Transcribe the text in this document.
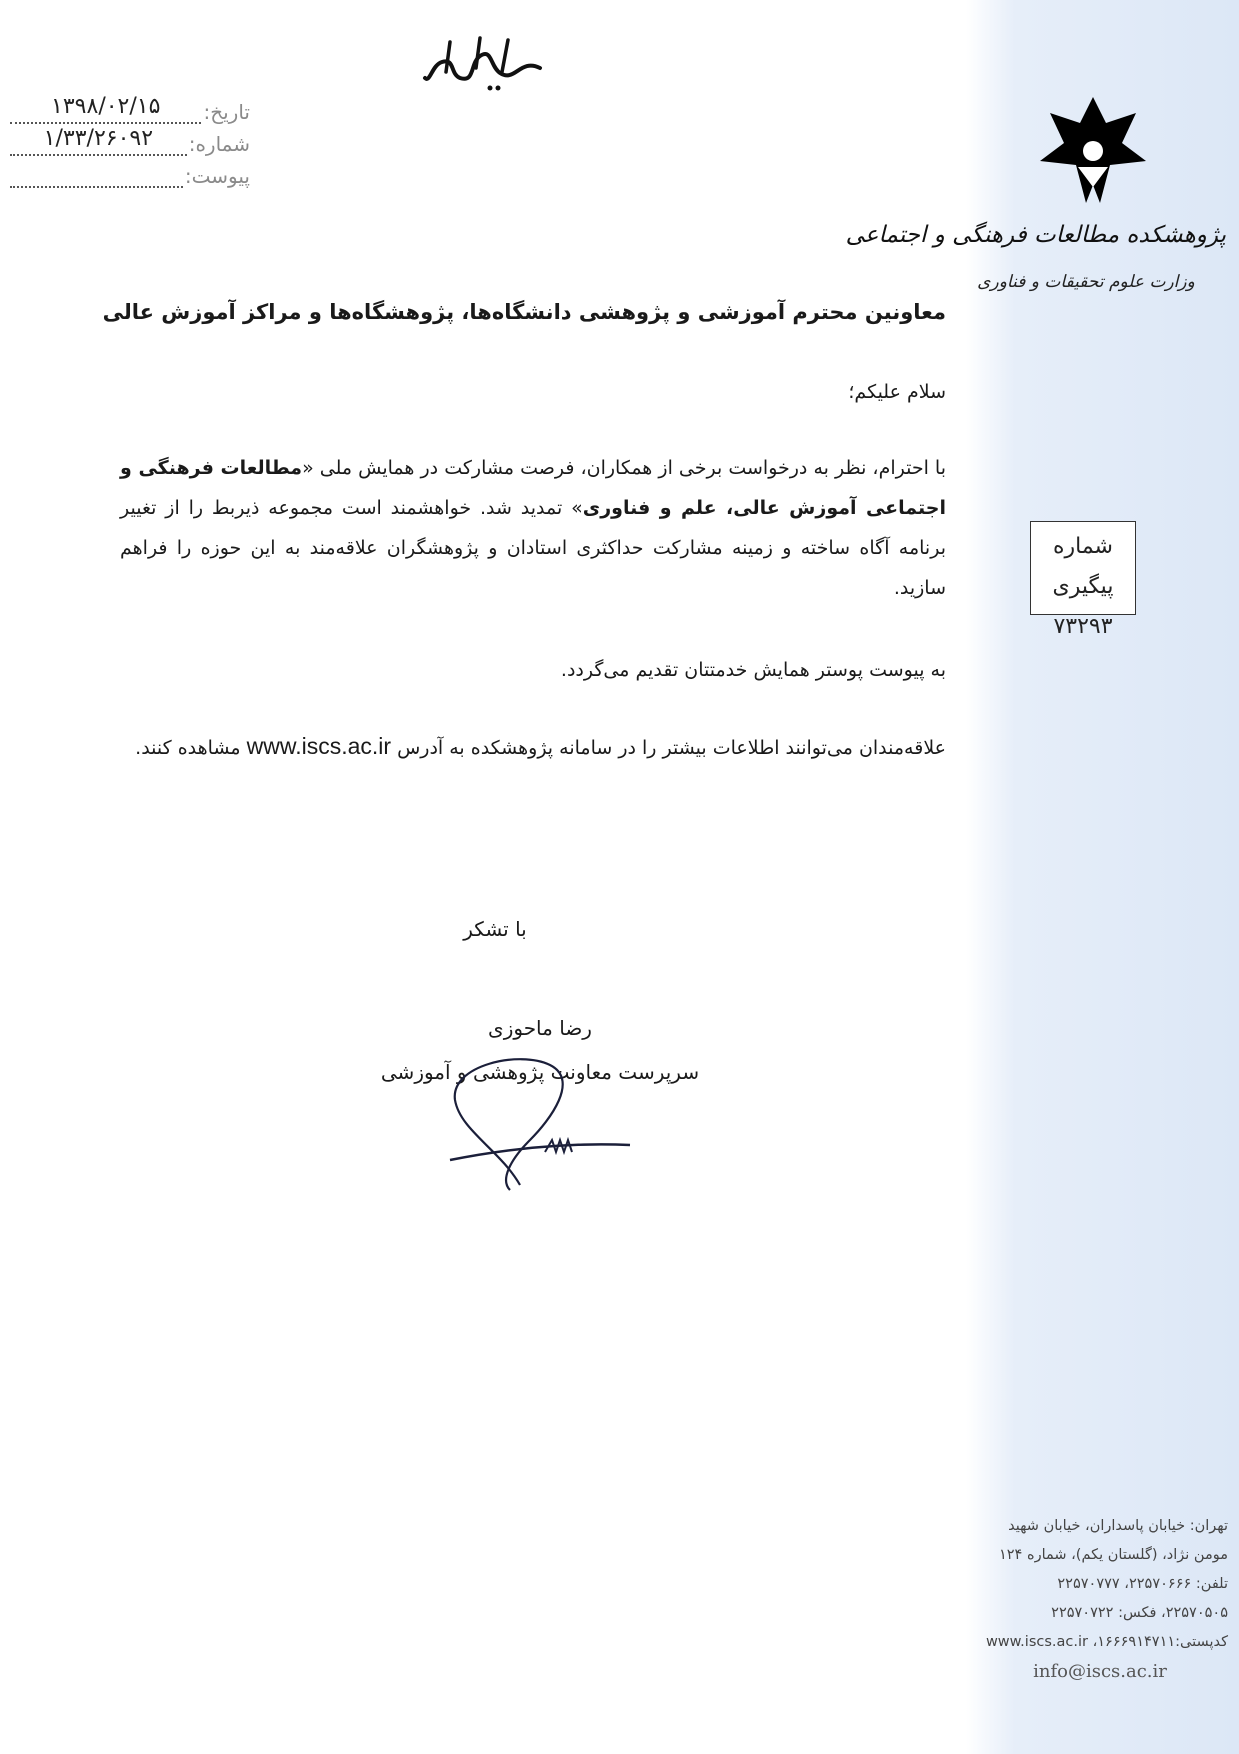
تاریخ:
۱۳۹۸/۰۲/۱۵
شماره:
۱/۳۳/۲۶۰۹۲
پیوست:
پژوهشکده مطالعات فرهنگی و اجتماعی
وزارت علوم تحقیقات و فناوری
شماره پیگیری
۷۳۲۹۳
معاونین محترم آموزشی و پژوهشی دانشگاه‌ها، پژوهشگاه‌ها و مراکز آموزش عالی
سلام علیکم؛
با احترام، نظر به درخواست برخی از همکاران، فرصت مشارکت در همایش ملی «مطالعات فرهنگی و اجتماعی آموزش عالی، علم و فناوری» تمدید شد. خواهشمند است مجموعه ذیربط را از تغییر برنامه آگاه ساخته و زمینه مشارکت حداکثری استادان و پژوهشگران علاقه‌مند به این حوزه را فراهم سازید.
به پیوست پوستر همایش خدمتتان تقدیم می‌گردد.
علاقه‌مندان می‌توانند اطلاعات بیشتر را در سامانه پژوهشکده به آدرس www.iscs.ac.ir مشاهده کنند.
با تشکر
رضا ماحوزی
سرپرست معاونت پژوهشی و آموزشی
تهران: خیابان پاسداران، خیابان شهید
مومن نژاد، (گلستان یکم)، شماره ۱۲۴
تلفن: ۲۲۵۷۰۶۶۶، ۲۲۵۷۰۷۷۷
۲۲۵۷۰۵۰۵، فکس: ۲۲۵۷۰۷۲۲
کدپستی:۱۶۶۶۹۱۴۷۱۱، www.iscs.ac.ir
info@iscs.ac.ir
